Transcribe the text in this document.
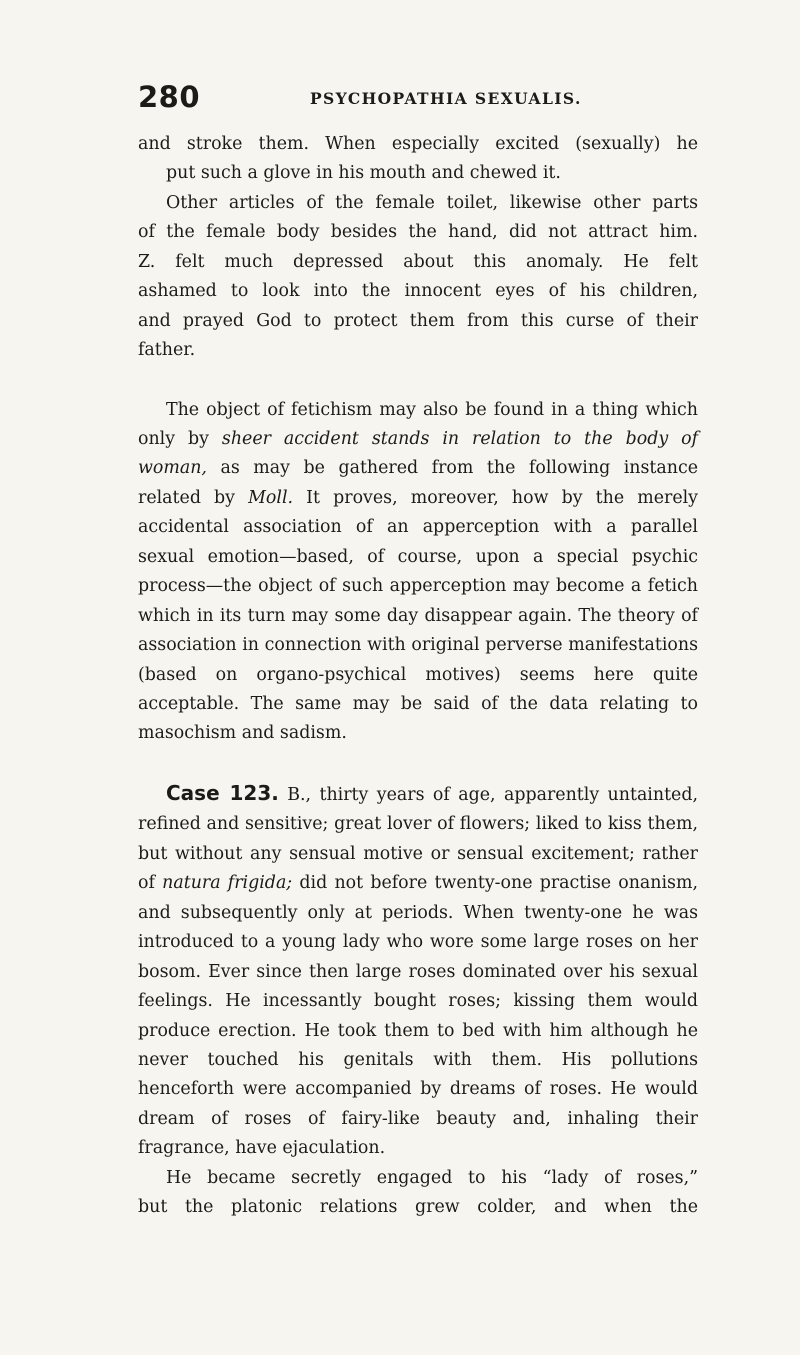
280	PSYCHOPATHIA SEXUALIS.
and stroke them. When especially excited (sexually) he
put such a glove in his mouth and chewed it.
Other articles of the female toilet, likewise other parts
of the female body besides the hand, did not attract him.
Z. felt much depressed about this anomaly. He felt
ashamed to look into the innocent eyes of his children,
and prayed God to protect them from this curse of their
father.
The object of fetichism may also be found in a thing which only by sheer accident stands in relation to the body of woman, as may be gathered from the following instance related by Moll. It proves, moreover, how by the merely accidental association of an apperception with a parallel sexual emotion—based, of course, upon a special psychic process—the object of such apperception may become a fetich which in its turn may some day disappear again. The theory of association in connection with original perverse manifestations (based on organo-psychical motives) seems here quite acceptable. The same may be said of the data relating to masochism and sadism.
Case 123. B., thirty years of age, apparently untainted, refined and sensitive; great lover of flowers; liked to kiss them, but without any sensual motive or sensual excitement; rather of natura frigida; did not before twenty-one practise onanism, and subsequently only at periods. When twenty-one he was introduced to a young lady who wore some large roses on her bosom. Ever since then large roses dominated over his sexual feelings. He incessantly bought roses; kissing them would produce erection. He took them to bed with him although he never touched his genitals with them. His pollutions henceforth were accompanied by dreams of roses. He would dream of roses of fairy-like beauty and, inhaling their fragrance, have ejaculation.
He became secretly engaged to his “lady of roses,”
but the platonic relations grew colder, and when the
